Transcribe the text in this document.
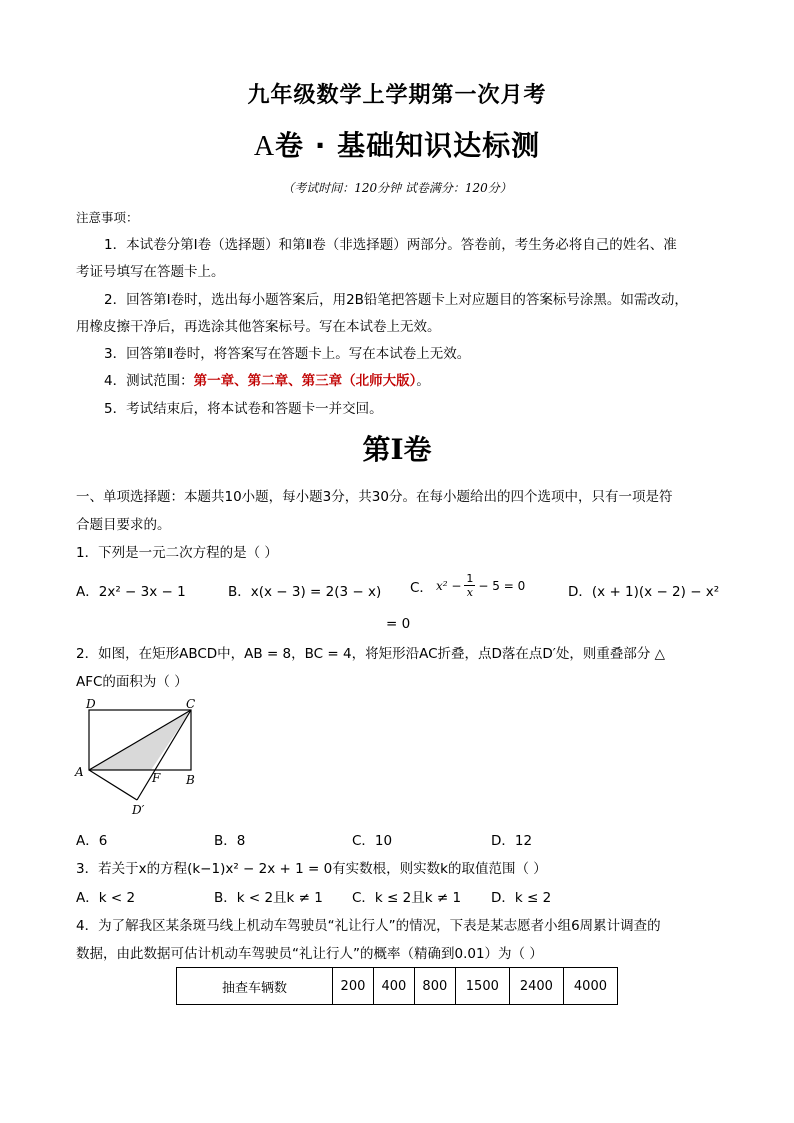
九年级数学上学期第一次月考
A卷 · 基础知识达标测
（考试时间：120分钟 试卷满分：120分）
注意事项：
1．本试卷分第Ⅰ卷（选择题）和第Ⅱ卷（非选择题）两部分。答卷前，考生务必将自己的姓名、准
考证号填写在答题卡上。
2．回答第Ⅰ卷时，选出每小题答案后，用2B铅笔把答题卡上对应题目的答案标号涂黑。如需改动，
用橡皮擦干净后，再选涂其他答案标号。写在本试卷上无效。
3．回答第Ⅱ卷时，将答案写在答题卡上。写在本试卷上无效。
4．测试范围：第一章、第二章、第三章（北师大版）。
5．考试结束后，将本试卷和答题卡一并交回。
第Ⅰ卷
一、单项选择题：本题共10小题，每小题3分，共30分。在每小题给出的四个选项中，只有一项是符
合题目要求的。
1．下列是一元二次方程的是（ ）
A．2x² − 3x − 1	B．x(x − 3) = 2(3 − x) C． $x^2 - \frac{1}{x} - 5 = 0$	D．(x + 1)(x − 2) − x²
= 0
2．如图，在矩形ABCD中，AB = 8，BC = 4，将矩形沿AC折叠，点D落在点D′处，则重叠部分 △
AFC的面积为（ ）
D	C
A	F B
D′
A．6	B．8	C．10	D．12
3．若关于x的方程(k−1)x² − 2x + 1 = 0有实数根，则实数k的取值范围（ ）
A．k < 2	B．k < 2且k ≠ 1 C．k ≤ 2且k ≠ 1 D．k ≤ 2
4．为了解我区某条斑马线上机动车驾驶员“礼让行人”的情况，下表是某志愿者小组6周累计调查的
数据，由此数据可估计机动车驾驶员“礼让行人”的概率（精确到0.01）为（ ）
抽查车辆数	200	400	800	1500	2400	4000
